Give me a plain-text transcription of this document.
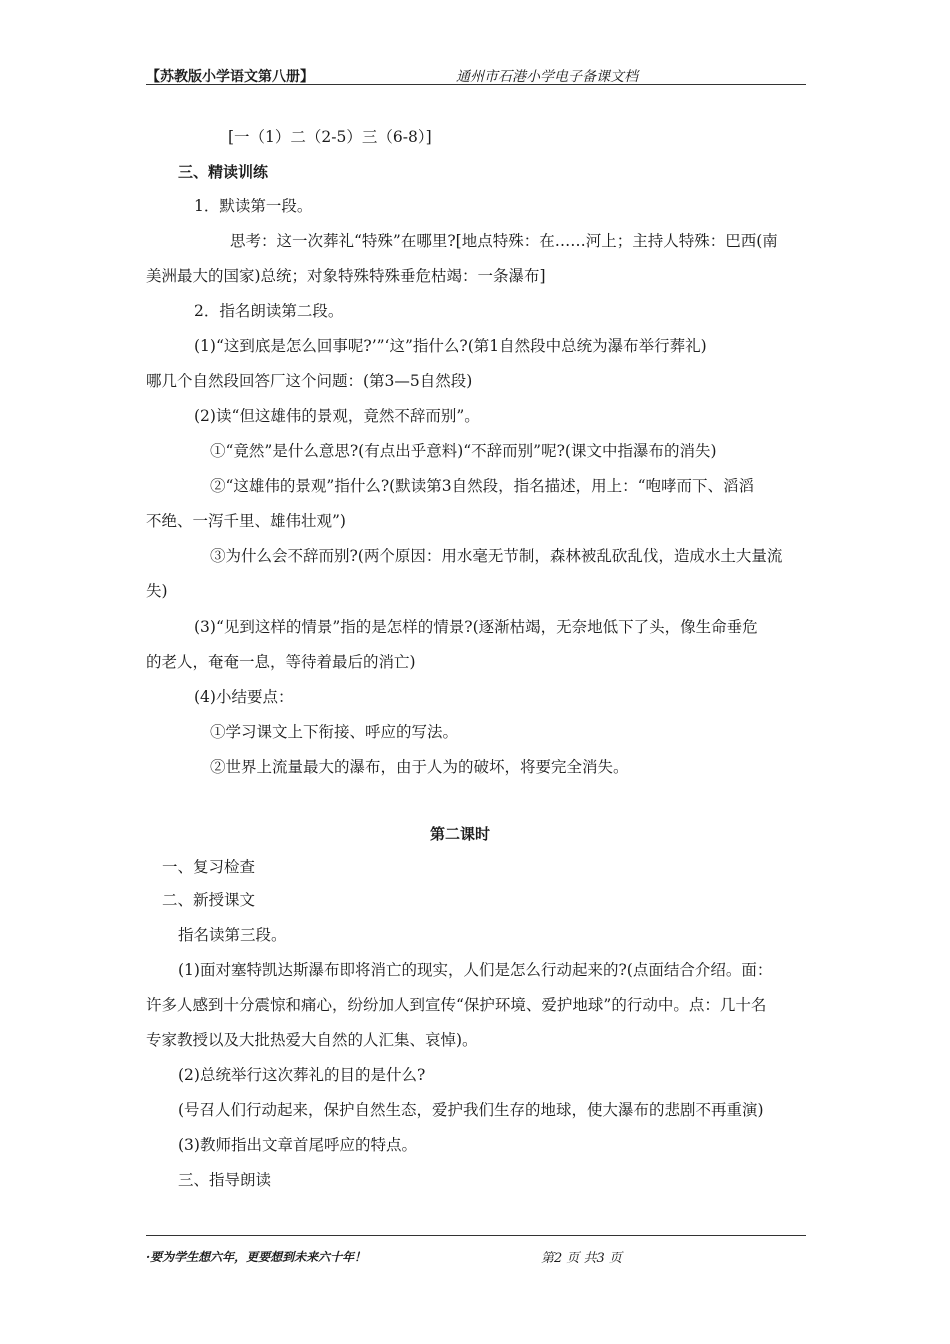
【苏教版小学语文第八册】	通州市石港小学电子备课文档
[一（1）二（2-5）三（6-8）]
三、精读训练
1．默读第一段。
思考：这一次葬礼“特殊”在哪里?[地点特殊：在……河上；主持人特殊：巴西(南
美洲最大的国家)总统；对象特殊特殊垂危枯竭：一条瀑布]
2．指名朗读第二段。
(1)“这到底是怎么回事呢?’”‘这”指什么?(第1自然段中总统为瀑布举行葬礼)
哪几个自然段回答厂这个问题：(第3—5自然段)
(2)读“但这雄伟的景观，竟然不辞而别”。
①“竟然”是什么意思?(有点出乎意料)“不辞而别”呢?(课文中指瀑布的消失)
②“这雄伟的景观”指什么?(默读第3自然段，指名描述，用上：“咆哮而下、滔滔
不绝、一泻千里、雄伟壮观”)
③为什么会不辞而别?(两个原因：用水毫无节制，森林被乱砍乱伐，造成水土大量流
失)
(3)“见到这样的情景”指的是怎样的情景?(逐渐枯竭，无奈地低下了头，像生命垂危
的老人，奄奄一息，等待着最后的消亡)
(4)小结要点：
①学习课文上下衔接、呼应的写法。
②世界上流量最大的瀑布，由于人为的破坏，将要完全消失。
第二课时
一、复习检查
二、新授课文
指名读第三段。
(1)面对塞特凯达斯瀑布即将消亡的现实，人们是怎么行动起来的?(点面结合介绍。面：
许多人感到十分震惊和痛心，纷纷加人到宣传“保护环境、爱护地球”的行动中。点：几十名
专家教授以及大批热爱大自然的人汇集、哀悼)。
(2)总统举行这次葬礼的目的是什么?
(号召人们行动起来，保护自然生态，爱护我们生存的地球，使大瀑布的悲剧不再重演)
(3)教师指出文章首尾呼应的特点。
三、指导朗读
·要为学生想六年，更要想到未来六十年！	第2 页 共3 页
